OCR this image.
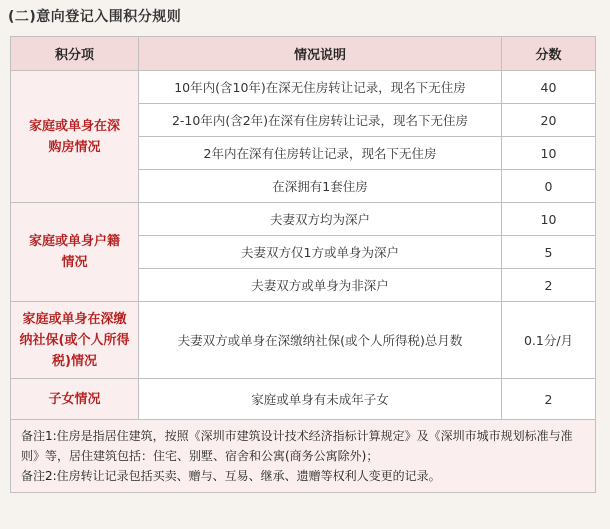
(二)意向登记入围积分规则
积分项	情况说明	分数
家庭或单身在深购房情况	10年内(含10年)在深无住房转让记录，现名下无住房	40
	2-10年内(含2年)在深有住房转让记录，现名下无住房	20
	2年内在深有住房转让记录，现名下无住房	10
	在深拥有1套住房	0
家庭或单身户籍情况	夫妻双方均为深户	10
	夫妻双方仅1方或单身为深户	5
	夫妻双方或单身为非深户	2
家庭或单身在深缴纳社保(或个人所得税)情况	夫妻双方或单身在深缴纳社保(或个人所得税)总月数	0.1分/月
子女情况	家庭或单身有未成年子女	2

备注1:住房是指居住建筑，按照《深圳市建筑设计技术经济指标计算规定》及《深圳市城市规划标准与准则》等，居住建筑包括：住宅、别墅、宿舍和公寓(商务公寓除外)；
备注2:住房转让记录包括买卖、赠与、互易、继承、遗赠等权利人变更的记录。		
